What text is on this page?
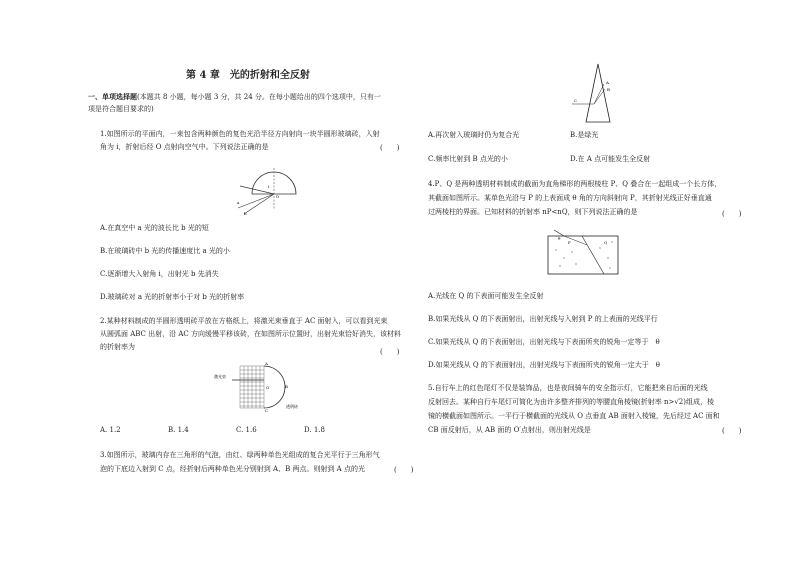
第 4 章　光的折射和全反射
一、单项选择题(本题共 8 小题，每小题 3 分，共 24 分。在每小题给出的四个选项中，只有一
项是符合题目要求的)
1.如图所示的平面内，一束包含两种颜色的复色光沿半径方向射向一块半圆形玻璃砖，入射
角为 i，折射后经 O 点射向空气中。下列说法正确的是	(　　)
a
b
O
i
A.在真空中 a 光的波长比 b 光的短
B.在玻璃砖中 b 光的传播速度比 a 光的小
C.逐渐增大入射角 i，出射光 b 先消失
D.玻璃砖对 a 光的折射率小于对 b 光的折射率
2.某种材料制成的半圆形透明砖平放在方格纸上，将激光束垂直于 AC 面射入，可以看到光束
从圆弧面 ABC 出射，沿 AC 方向缓慢平移该砖，在如图所示位置时，出射光束恰好消失，该材料
的折射率为
(　　)
激光束
透明砖
A
B
C
O
A. 1.2	B. 1.4	C. 1.6	D. 1.8
3.如图所示，玻璃内存在三角形的气泡，由红、绿两种单色光组成的复合光平行于三角形气
泡的下底边入射到 C 点，经折射后两种单色光分别射到 A、B 两点。则射到 A 点的光	(　　)
A
B
C
A.再次射入玻璃时仍为复合光	B.是绿光
C.频率比射到 B 点光的小	D.在 A 点可能发生全反射
4.P、Q 是两种透明材料制成的截面为直角梯形的两根棱柱 P、Q 叠合在一起组成一个长方体，
其截面如图所示。某单色光沿与 P 的上表面成 θ 角的方向斜射向 P，其折射光线正好垂直通
过两棱柱的界面。已知材料的折射率 nP<nQ，则下列说法正确的是	(　　)
P	Q
θ
A.光线在 Q 的下表面可能发生全反射
B.如果光线从 Q 的下表面射出，出射光线与入射到 P 的上表面的光线平行
C.如果光线从 Q 的下表面射出，出射光线与下表面所夹的锐角一定等于　θ
D.如果光线从 Q 的下表面射出，出射光线与下表面所夹的锐角一定大于　θ
5.自行车上的红色尾灯不仅是装饰品，也是夜间骑车的安全指示灯，它能把来自后面的光线
反射回去。某种自行车尾灯可简化为由许多整齐排列的等腰直角棱镜(折射率 n>√2)组成，棱
镜的横截面如图所示。一平行于横截面的光线从 O 点垂直 AB 面射入棱镜，先后经过 AC 面和
CB 面反射后，从 AB 面的 O′点射出，则出射光线是	(　　)
